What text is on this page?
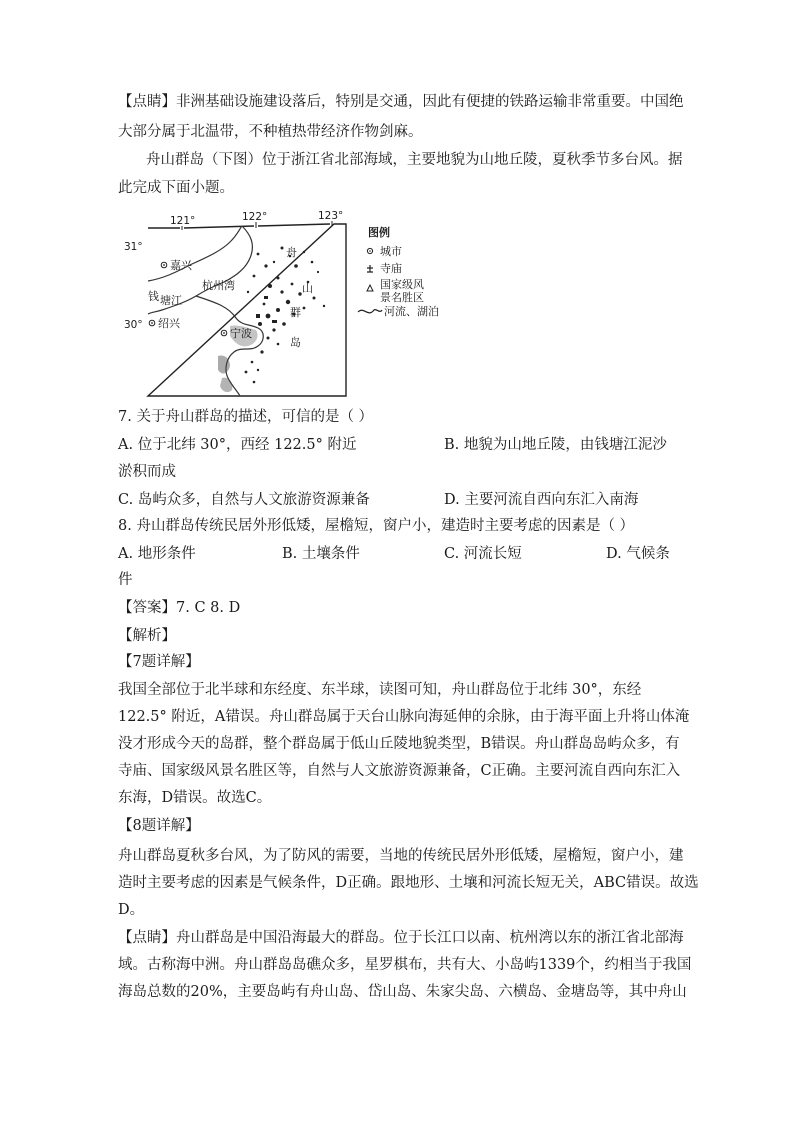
【点睛】非洲基础设施建设落后，特别是交通，因此有便捷的铁路运输非常重要。中国绝
大部分属于北温带，不种植热带经济作物剑麻。
舟山群岛（下图）位于浙江省北部海域，主要地貌为山地丘陵，夏秋季节多台风。据
此完成下面小题。
121°	122°	123°
31°
30°
嘉兴
杭州湾
钱 塘江
绍兴
宁波
舟
山
群
岛
图例
城市
寺庙
国家级风
景名胜区
河流、湖泊
7. 关于舟山群岛的描述，可信的是（ ）
A. 位于北纬 30°，西经 122.5° 附近	B. 地貌为山地丘陵，由钱塘江泥沙
淤积而成
C. 岛屿众多，自然与人文旅游资源兼备	D. 主要河流自西向东汇入南海
8. 舟山群岛传统民居外形低矮，屋檐短，窗户小，建造时主要考虑的因素是（ ）
A. 地形条件	B. 土壤条件	C. 河流长短	D. 气候条
件
【答案】7. C 8. D
【解析】
【7题详解】
我国全部位于北半球和东经度、东半球，读图可知，舟山群岛位于北纬 30°，东经
122.5° 附近，A错误。舟山群岛属于天台山脉向海延伸的余脉，由于海平面上升将山体淹
没才形成今天的岛群，整个群岛属于低山丘陵地貌类型，B错误。舟山群岛岛屿众多，有
寺庙、国家级风景名胜区等，自然与人文旅游资源兼备，C正确。主要河流自西向东汇入
东海，D错误。故选C。
【8题详解】
舟山群岛夏秋多台风，为了防风的需要，当地的传统民居外形低矮，屋檐短，窗户小，建
造时主要考虑的因素是气候条件，D正确。跟地形、土壤和河流长短无关，ABC错误。故选
D。
【点睛】舟山群岛是中国沿海最大的群岛。位于长江口以南、杭州湾以东的浙江省北部海
域。古称海中洲。舟山群岛岛礁众多，星罗棋布，共有大、小岛屿1339个，约相当于我国
海岛总数的20%，主要岛屿有舟山岛、岱山岛、朱家尖岛、六横岛、金塘岛等，其中舟山
